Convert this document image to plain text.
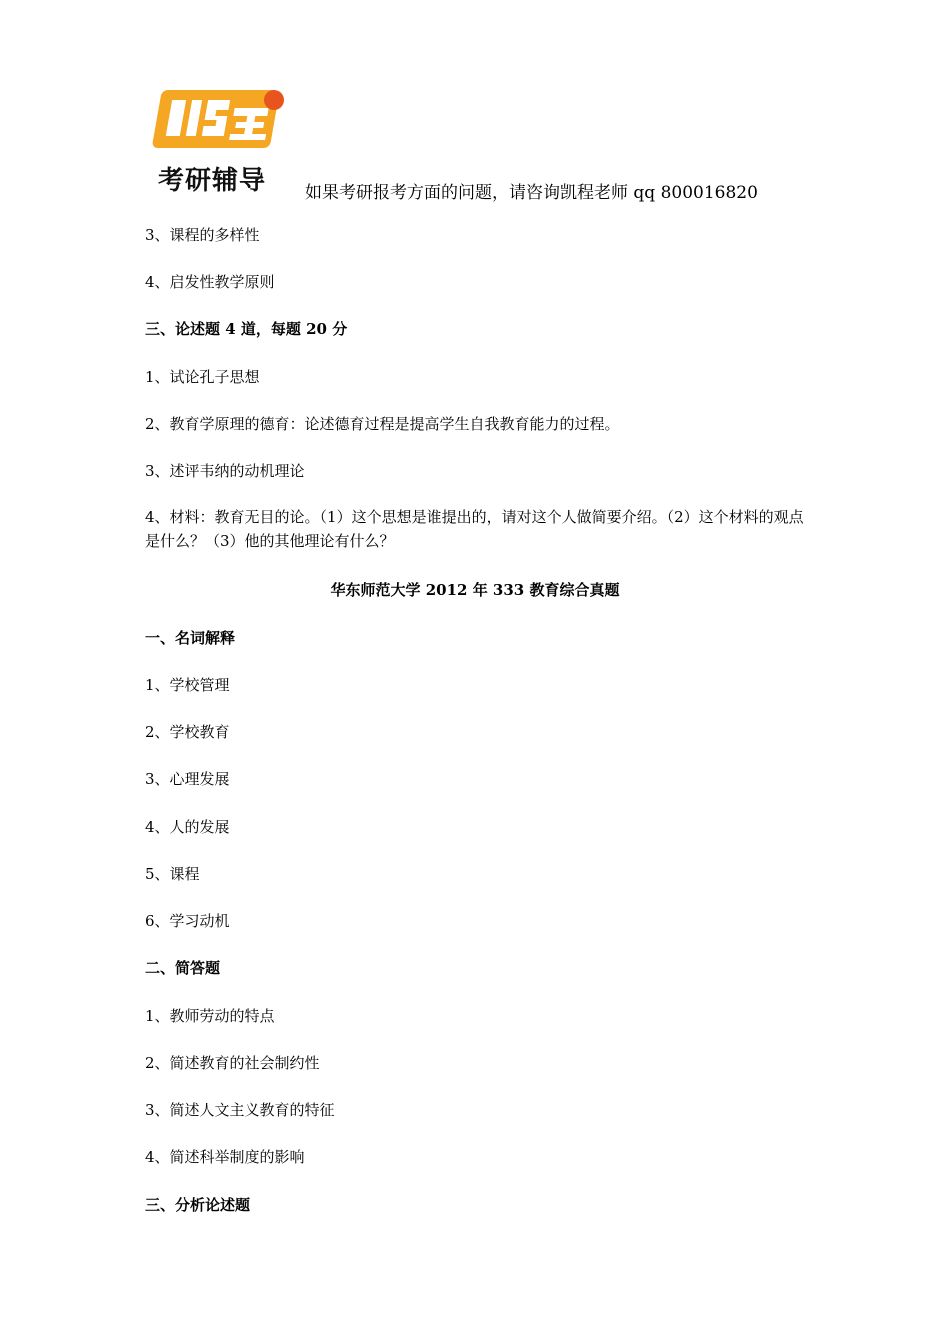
考研辅导 如果考研报考方面的问题，请咨询凯程老师 qq 800016820
3、课程的多样性
4、启发性教学原则
三、论述题 4 道，每题 20 分
1、试论孔子思想
2、教育学原理的德育：论述德育过程是提高学生自我教育能力的过程。
3、述评韦纳的动机理论
4、材料：教育无目的论。（1）这个思想是谁提出的，请对这个人做简要介绍。（2）这个材料的观点是什么？（3）他的其他理论有什么？
华东师范大学 2012 年 333 教育综合真题
一、名词解释
1、学校管理
2、学校教育
3、心理发展
4、人的发展
5、课程
6、学习动机
二、简答题
1、教师劳动的特点
2、简述教育的社会制约性
3、简述人文主义教育的特征
4、简述科举制度的影响
三、分析论述题
